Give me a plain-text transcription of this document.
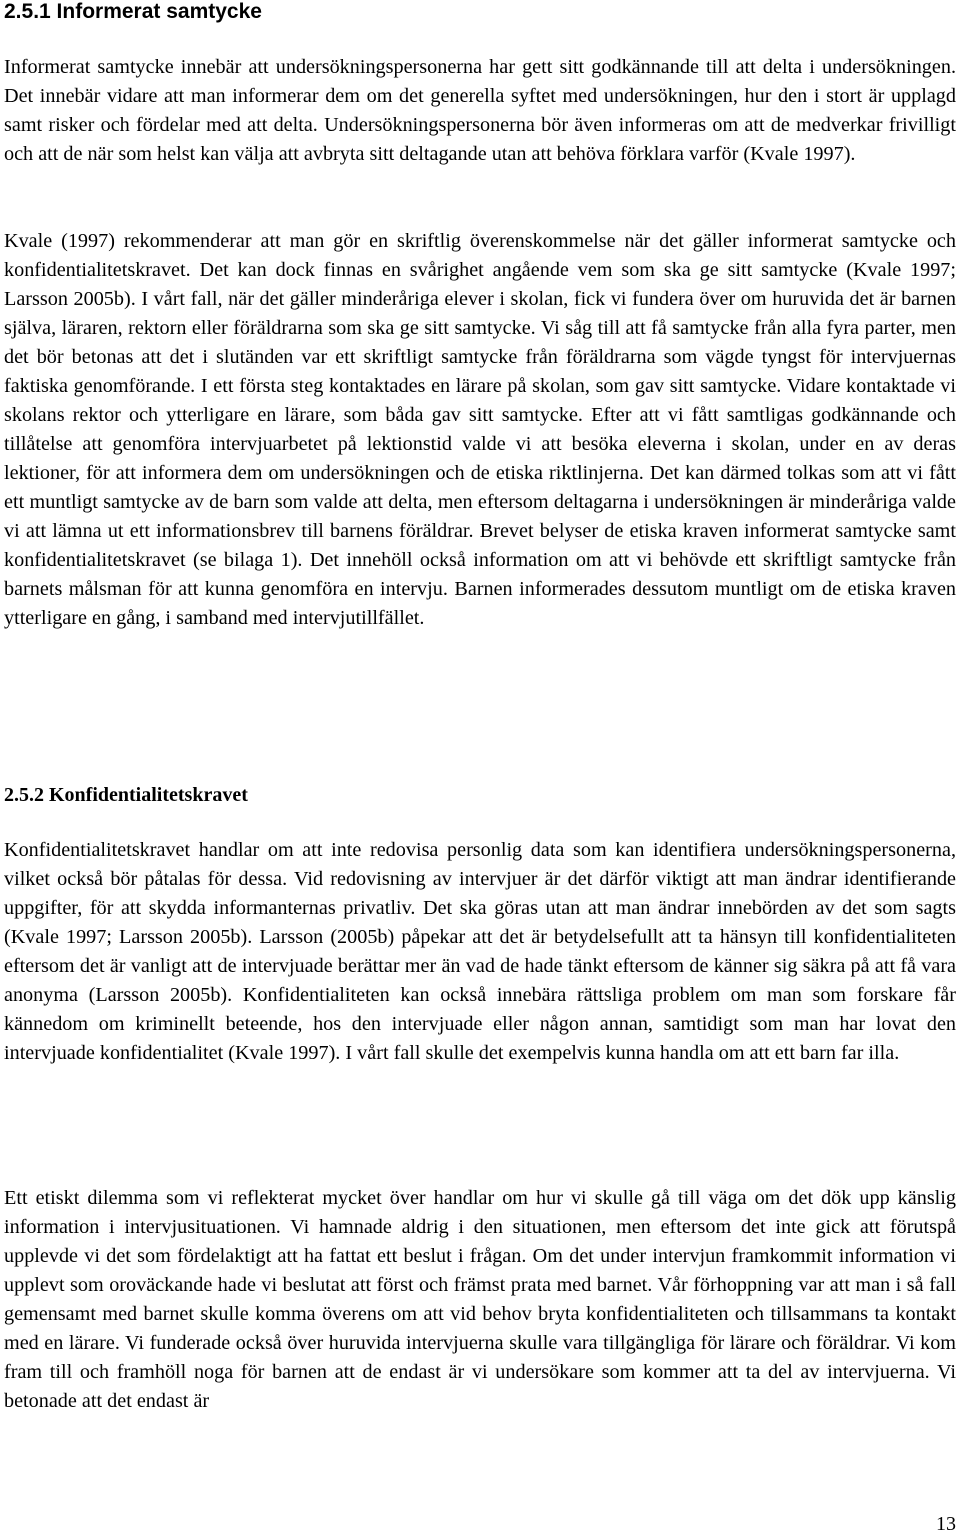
2.5.1 Informerat samtycke

Informerat samtycke innebär att undersökningspersonerna har gett sitt godkännande till att delta i undersökningen. Det innebär vidare att man informerar dem om det generella syftet med undersökningen, hur den i stort är upplagd samt risker och fördelar med att delta. Undersökningspersonerna bör även informeras om att de medverkar frivilligt och att de när som helst kan välja att avbryta sitt deltagande utan att behöva förklara varför (Kvale 1997).

Kvale (1997) rekommenderar att man gör en skriftlig överenskommelse när det gäller informerat samtycke och konfidentialitetskravet. Det kan dock finnas en svårighet angående vem som ska ge sitt samtycke (Kvale 1997; Larsson 2005b). I vårt fall, när det gäller minderåriga elever i skolan, fick vi fundera över om huruvida det är barnen själva, läraren, rektorn eller föräldrarna som ska ge sitt samtycke. Vi såg till att få samtycke från alla fyra parter, men det bör betonas att det i slutänden var ett skriftligt samtycke från föräldrarna som vägde tyngst för intervjuernas faktiska genomförande. I ett första steg kontaktades en lärare på skolan, som gav sitt samtycke. Vidare kontaktade vi skolans rektor och ytterligare en lärare, som båda gav sitt samtycke. Efter att vi fått samtligas godkännande och tillåtelse att genomföra intervjuarbetet på lektionstid valde vi att besöka eleverna i skolan, under en av deras lektioner, för att informera dem om undersökningen och de etiska riktlinjerna. Det kan därmed tolkas som att vi fått ett muntligt samtycke av de barn som valde att delta, men eftersom deltagarna i undersökningen är minderåriga valde vi att lämna ut ett informationsbrev till barnens föräldrar. Brevet belyser de etiska kraven informerat samtycke samt konfidentialitetskravet (se bilaga 1). Det innehöll också information om att vi behövde ett skriftligt samtycke från barnets målsman för att kunna genomföra en intervju. Barnen informerades dessutom muntligt om de etiska kraven ytterligare en gång, i samband med intervjutillfället.

2.5.2 Konfidentialitetskravet

Konfidentialitetskravet handlar om att inte redovisa personlig data som kan identifiera undersökningspersonerna, vilket också bör påtalas för dessa. Vid redovisning av intervjuer är det därför viktigt att man ändrar identifierande uppgifter, för att skydda informanternas privatliv. Det ska göras utan att man ändrar innebörden av det som sagts (Kvale 1997; Larsson 2005b). Larsson (2005b) påpekar att det är betydelsefullt att ta hänsyn till konfidentialiteten eftersom det är vanligt att de intervjuade berättar mer än vad de hade tänkt eftersom de känner sig säkra på att få vara anonyma (Larsson 2005b). Konfidentialiteten kan också innebära rättsliga problem om man som forskare får kännedom om kriminellt beteende, hos den intervjuade eller någon annan, samtidigt som man har lovat den intervjuade konfidentialitet (Kvale 1997). I vårt fall skulle det exempelvis kunna handla om att ett barn far illa.

Ett etiskt dilemma som vi reflekterat mycket över handlar om hur vi skulle gå till väga om det dök upp känslig information i intervjusituationen. Vi hamnade aldrig i den situationen, men eftersom det inte gick att förutspå upplevde vi det som fördelaktigt att ha fattat ett beslut i frågan. Om det under intervjun framkommit information vi upplevt som oroväckande hade vi beslutat att först och främst prata med barnet. Vår förhoppning var att man i så fall gemensamt med barnet skulle komma överens om att vid behov bryta konfidentialiteten och tillsammans ta kontakt med en lärare. Vi funderade också över huruvida intervjuerna skulle vara tillgängliga för lärare och föräldrar. Vi kom fram till och framhöll noga för barnen att de endast är vi undersökare som kommer att ta del av intervjuerna. Vi betonade att det endast är

13
